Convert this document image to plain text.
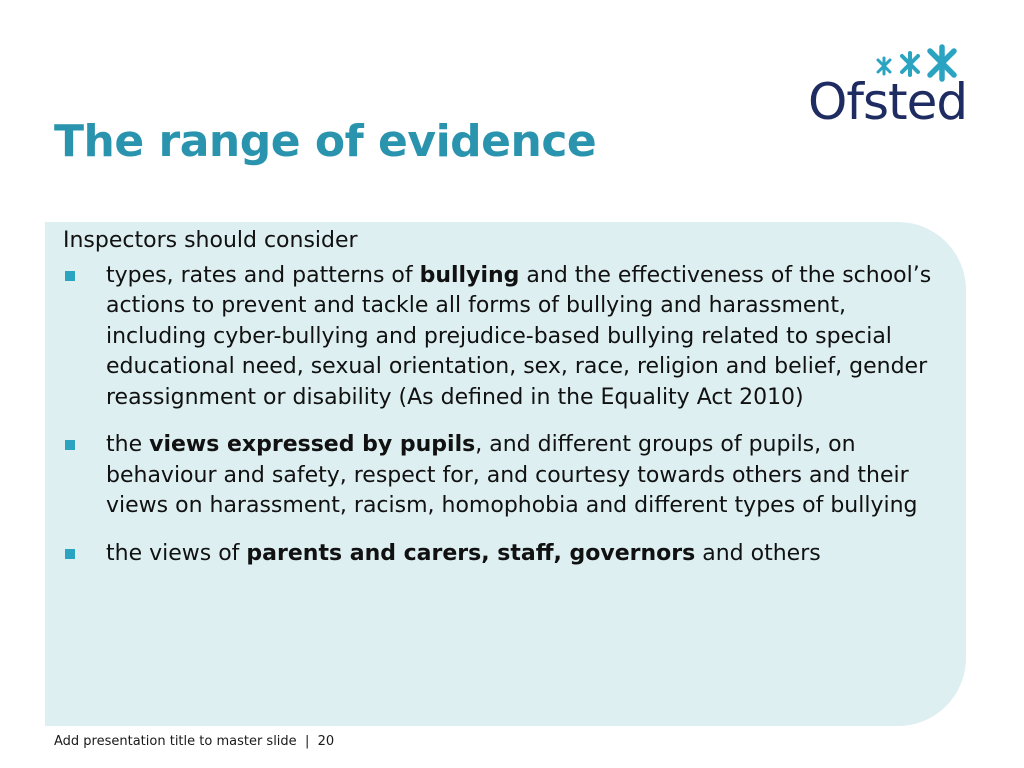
Ofsted
The range of evidence

Inspectors should consider

types, rates and patterns of bullying and the effectiveness of the school’s actions to prevent and tackle all forms of bullying and harassment, including cyber-bullying and prejudice-based bullying related to special educational need, sexual orientation, sex, race, religion and belief, gender reassignment or disability (As defined in the Equality Act 2010)
the views expressed by pupils, and different groups of pupils, on behaviour and safety, respect for, and courtesy towards others and their views on harassment, racism, homophobia and different types of bullying
the views of parents and carers, staff, governors and others
Add presentation title to master slide | 20
